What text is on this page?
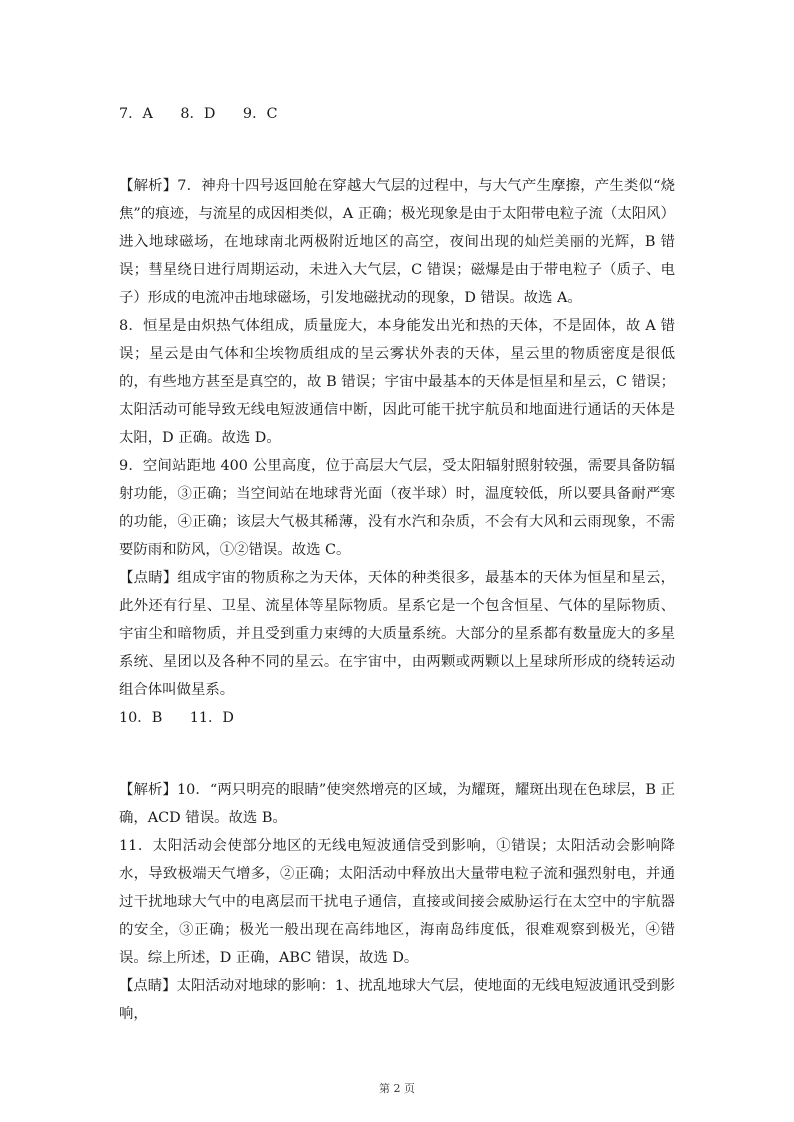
7．A      8．D      9．C

【解析】7．神舟十四号返回舱在穿越大气层的过程中，与大气产生摩擦，产生类似“烧焦”的痕迹，与流星的成因相类似，A 正确；极光现象是由于太阳带电粒子流（太阳风）进入地球磁场，在地球南北两极附近地区的高空，夜间出现的灿烂美丽的光辉，B 错误；彗星绕日进行周期运动，未进入大气层，C 错误；磁爆是由于带电粒子（质子、电子）形成的电流冲击地球磁场，引发地磁扰动的现象，D 错误。故选 A。

8．恒星是由炽热气体组成，质量庞大，本身能发出光和热的天体，不是固体，故 A 错误；星云是由气体和尘埃物质组成的呈云雾状外表的天体，星云里的物质密度是很低的，有些地方甚至是真空的，故 B 错误；宇宙中最基本的天体是恒星和星云，C 错误；太阳活动可能导致无线电短波通信中断，因此可能干扰宇航员和地面进行通话的天体是太阳，D 正确。故选 D。

9．空间站距地 400 公里高度，位于高层大气层，受太阳辐射照射较强，需要具备防辐射功能，③正确；当空间站在地球背光面（夜半球）时，温度较低，所以要具备耐严寒的功能，④正确；该层大气极其稀薄，没有水汽和杂质，不会有大风和云雨现象，不需要防雨和防风，①②错误。故选 C。

【点睛】组成宇宙的物质称之为天体，天体的种类很多，最基本的天体为恒星和星云，此外还有行星、卫星、流星体等星际物质。星系它是一个包含恒星、气体的星际物质、宇宙尘和暗物质，并且受到重力束缚的大质量系统。大部分的星系都有数量庞大的多星系统、星团以及各种不同的星云。在宇宙中，由两颗或两颗以上星球所形成的绕转运动组合体叫做星系。

10．B      11．D

【解析】10．“两只明亮的眼睛”使突然增亮的区域，为耀斑，耀斑出现在色球层，B 正确，ACD 错误。故选 B。

11．太阳活动会使部分地区的无线电短波通信受到影响，①错误；太阳活动会影响降水，导致极端天气增多，②正确；太阳活动中释放出大量带电粒子流和强烈射电，并通过干扰地球大气中的电离层而干扰电子通信，直接或间接会威胁运行在太空中的宇航器的安全，③正确；极光一般出现在高纬地区，海南岛纬度低，很难观察到极光，④错误。综上所述，D 正确，ABC 错误，故选 D。

【点睛】太阳活动对地球的影响：1、扰乱地球大气层，使地面的无线电短波通讯受到影响，

第 2 页
